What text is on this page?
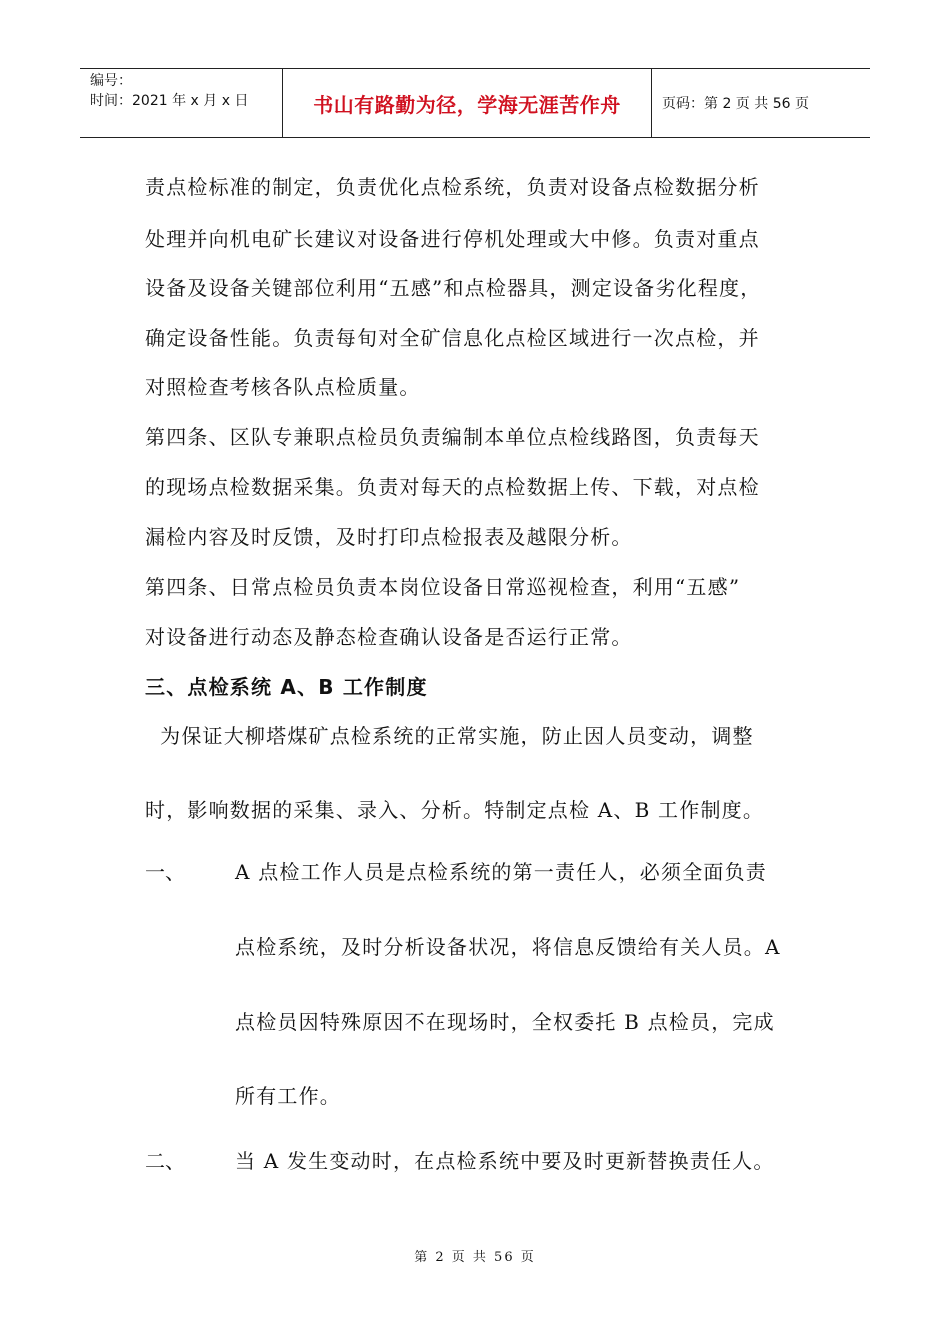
编号：
时间：2021 年 x 月 x 日	书山有路勤为径，学海无涯苦作舟	页码：第 2 页 共 56 页
责点检标准的制定，负责优化点检系统，负责对设备点检数据分析
处理并向机电矿长建议对设备进行停机处理或大中修。负责对重点
设备及设备关键部位利用“五感”和点检器具，测定设备劣化程度，
确定设备性能。负责每旬对全矿信息化点检区域进行一次点检，并
对照检查考核各队点检质量。
第四条、区队专兼职点检员负责编制本单位点检线路图，负责每天
的现场点检数据采集。负责对每天的点检数据上传、下载，对点检
漏检内容及时反馈，及时打印点检报表及越限分析。
第四条、日常点检员负责本岗位设备日常巡视检查，利用“五感”
对设备进行动态及静态检查确认设备是否运行正常。
三、点检系统 A、B 工作制度
为保证大柳塔煤矿点检系统的正常实施，防止因人员变动，调整
时，影响数据的采集、录入、分析。特制定点检 A、B 工作制度。
一、	A 点检工作人员是点检系统的第一责任人，必须全面负责
点检系统，及时分析设备状况，将信息反馈给有关人员。A
点检员因特殊原因不在现场时，全权委托 B 点检员，完成
所有工作。
二、	当 A 发生变动时，在点检系统中要及时更新替换责任人。
第 2 页 共 56 页
